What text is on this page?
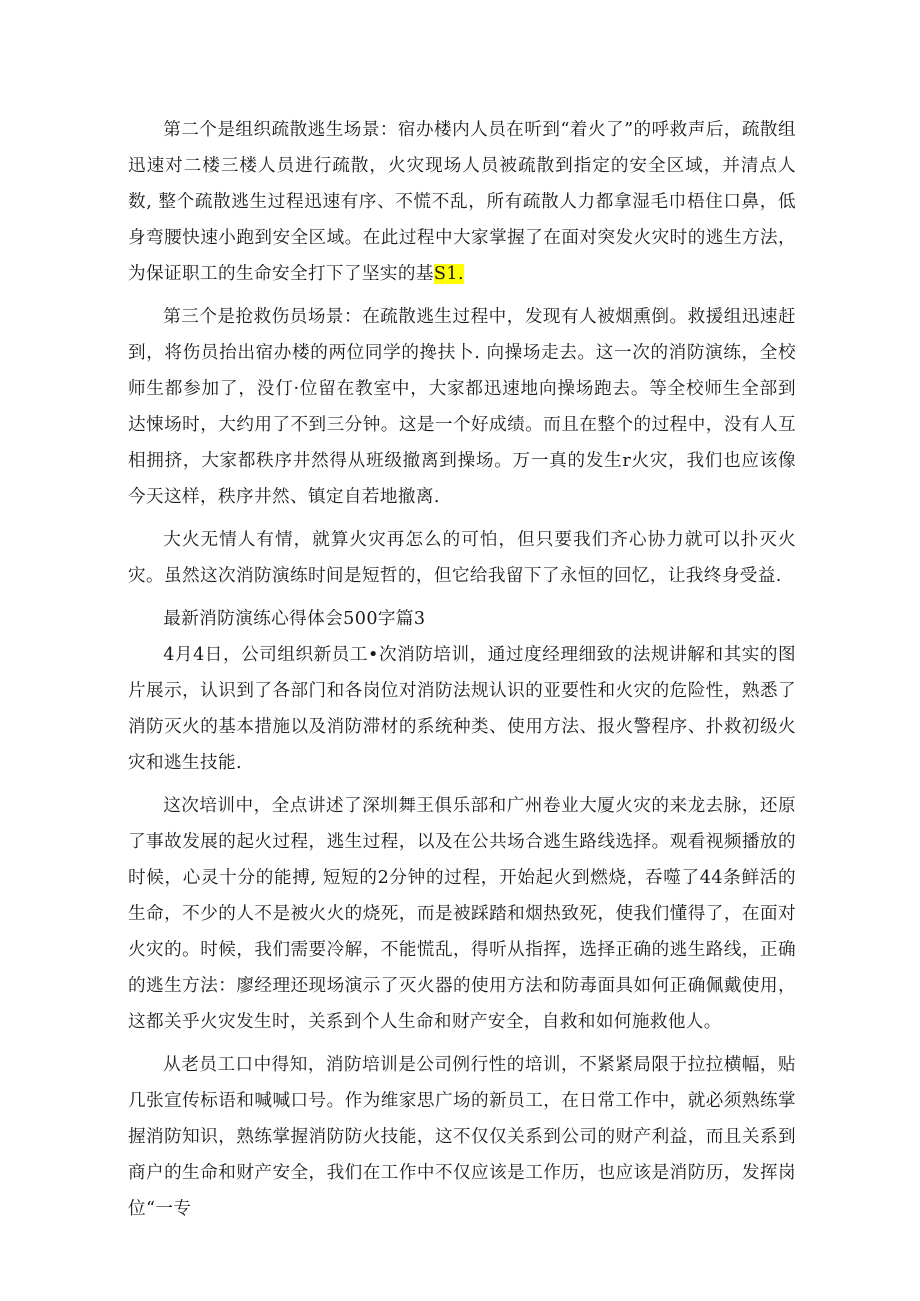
第二个是组织疏散逃生场景：宿办楼内人员在听到“着火了”的呼救声后，疏散组迅速对二楼三楼人员进行疏散，火灾现场人员被疏散到指定的安全区域，并清点人数, 整个疏散逃生过程迅速有序、不慌不乱，所有疏散人力都拿湿毛巾梧住口鼻，低身弯腰快速小跑到安全区域。在此过程中大家掌握了在面对突发火灾时的逃生方法，为保证职工的生命安全打下了坚实的基S1.

第三个是抢救伤员场景：在疏散逃生过程中，发现有人被烟熏倒。救援组迅速赶到，将伤员抬出宿办楼的两位同学的搀扶卜. 向操场走去。这一次的消防演练，全校师生都参加了，没仃·位留在教室中，大家都迅速地向操场跑去。等全校师生全部到达悚场时，大约用了不到三分钟。这是一个好成绩。而且在整个的过程中，没有人互相拥挤，大家都秩序井然得从班级撤离到操场。万一真的发生r火灾，我们也应该像今天这样，秩序井然、镇定自若地撤离.

大火无情人有情，就算火灾再怎么的可怕，但只要我们齐心协力就可以扑灭火灾。虽然这次消防演练时间是短哲的，但它给我留下了永恒的回忆，让我终身受益.

最新消防演练心得体会500字篇3

4月4日，公司组织新员工•次消防培训，通过度经理细致的法规讲解和其实的图片展示，认识到了各部门和各岗位对消防法规认识的亚要性和火灾的危险性，熟悉了消防灭火的基本措施以及消防滞材的系统种类、使用方法、报火警程序、扑救初级火灾和逃生技能.

这次培训中，全点讲述了深圳舞王俱乐部和广州卷业大厦火灾的来龙去脉，还原了事故发展的起火过程，逃生过程，以及在公共场合逃生路线选择。观看视频播放的时候，心灵十分的能搏, 短短的2分钟的过程，开始起火到燃烧，吞噬了44条鲜活的生命，不少的人不是被火火的烧死，而是被踩踏和烟热致死，使我们懂得了，在面对火灾的。时候，我们需要冷解，不能慌乱，得听从指挥，选择正确的逃生路线，正确的逃生方法：廖经理还现场演示了灭火器的使用方法和防毒面具如何正确佩戴使用，这都关乎火灾发生时，关系到个人生命和财产安全，自救和如何施救他人。

从老员工口中得知，消防培训是公司例行性的培训，不紧紧局限于拉拉横幅，贴几张宣传标语和喊喊口号。作为维家思广场的新员工，在日常工作中，就必须熟练掌握消防知识，熟练掌握消防防火技能，这不仅仅关系到公司的财产利益，而且关系到商户的生命和财产安全，我们在工作中不仅应该是工作历，也应该是消防历，发挥岗位“一专
